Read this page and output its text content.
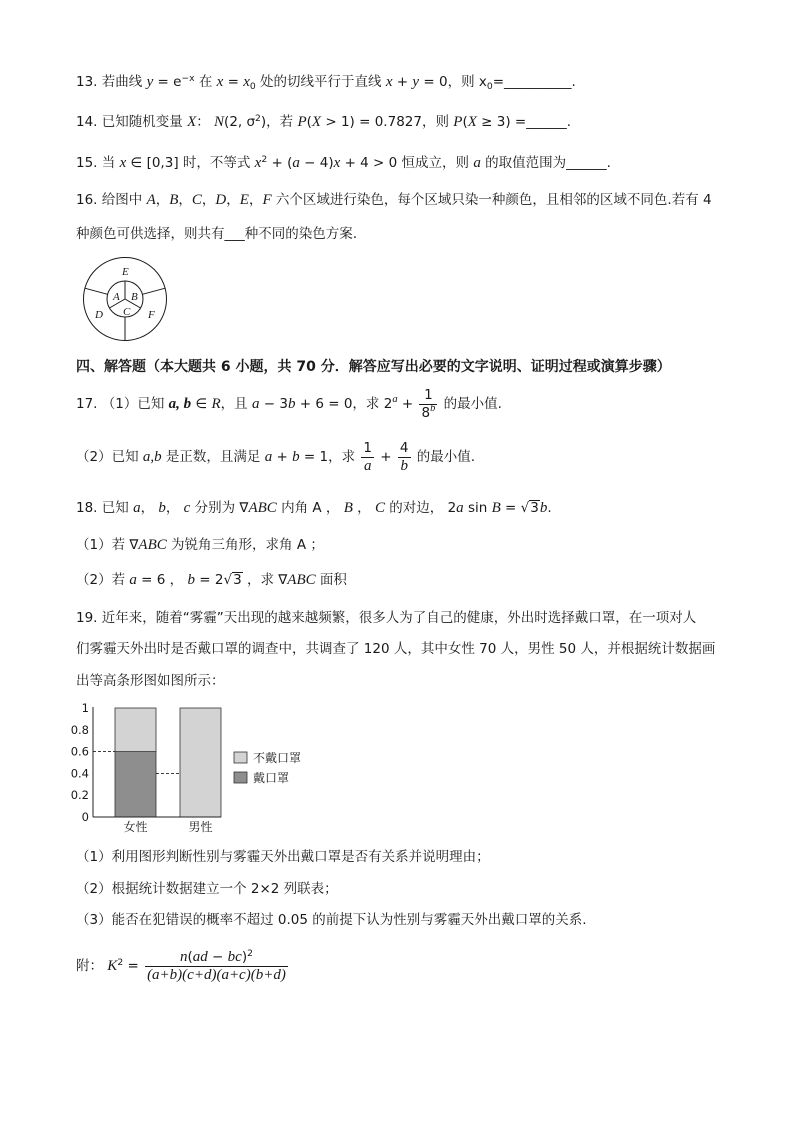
13. 若曲线 $y = e^{-x}$ 在 $x = x_0$ 处的切线平行于直线 x + y = 0，则 $x_0=\_\_\_\_\_\_\_\_\_\_$.
14. 已知随机变量 X： N(2, $\sigma^2$)，若 P(X > 1) = 0.7827，则 P(X ≥ 3) =______.
15. 当 x ∈ [0,3] 时，不等式 $x^2 + (a - 4)x + 4 > 0$ 恒成立，则 a 的取值范围为______.
16. 给图中 A，B，C，D，E，F 六个区域进行染色，每个区域只染一种颜色，且相邻的区域不同色.若有 4
种颜色可供选择，则共有___种不同的染色方案.
E
A B
C
D	F
四、解答题（本大题共 6 小题，共 70 分．解答应写出必要的文字说明、证明过程或演算步骤）
17. （1）已知 a, b ∈ R，且 a − 3b + 6 = 0，求 $2^a + \frac{1}{8^b}$ 的最小值.
（2）已知 a,b 是正数，且满足 a + b = 1，求 $\frac{1}{a} + \frac{4}{b}$ 的最小值.
18. 已知 a， b， c 分别为 ∇ABC 内角 A ， B ， C 的对边， 2a sin B = √3b.
（1）若 ∇ABC 为锐角三角形，求角 A ；
（2）若 a = 6 ， b = 2√3 ，求 ∇ABC 面积
19. 近年来，随着“雾霾”天出现的越来越频繁，很多人为了自己的健康，外出时选择戴口罩，在一项对人
们雾霾天外出时是否戴口罩的调查中，共调查了 120 人，其中女性 70 人，男性 50 人，并根据统计数据画
出等高条形图如图所示：
女性	男性
0
0.2
0.4
0.6
0.8
1
不戴口罩
戴口罩
（1）利用图形判断性别与雾霾天外出戴口罩是否有关系并说明理由；
（2）根据统计数据建立一个 2×2 列联表；
（3）能否在犯错误的概率不超过 0.05 的前提下认为性别与雾霾天外出戴口罩的关系.
附： $K^2 = \frac{n(ad - bc)^2}{(a+b)(c+d)(a+c)(b+d)}$
